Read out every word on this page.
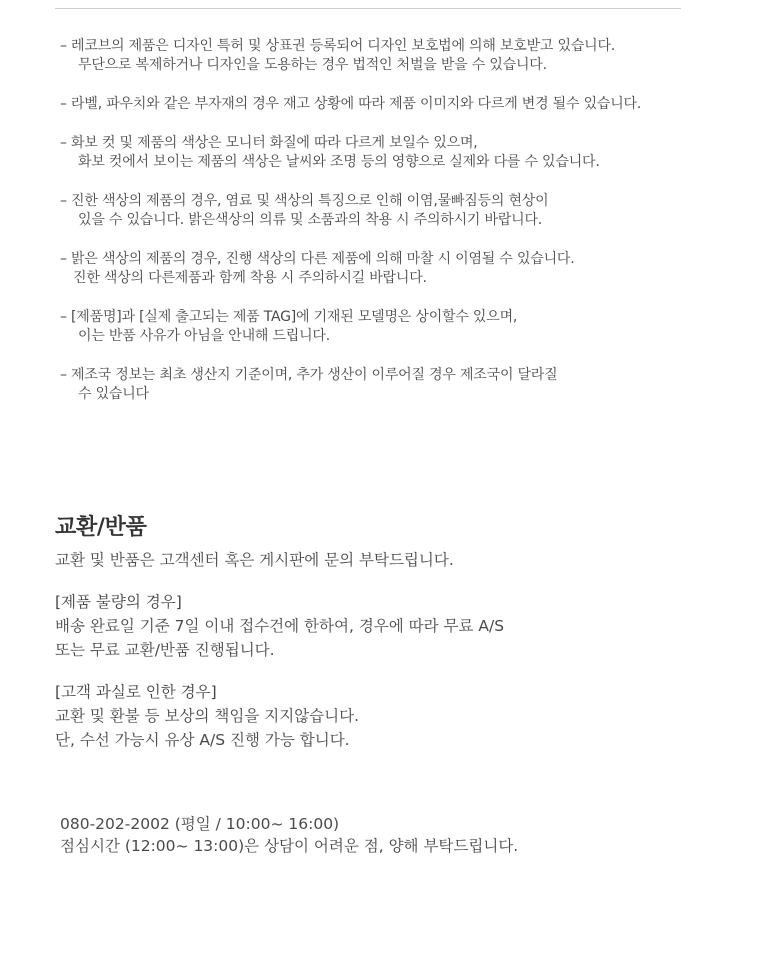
– 레코브의 제품은 디자인 특허 및 상표권 등록되어 디자인 보호법에 의해 보호받고 있습니다.
무단으로 복제하거나 디자인을 도용하는 경우 법적인 처벌을 받을 수 있습니다.
– 라벨, 파우치와 같은 부자재의 경우 재고 상황에 따라 제품 이미지와 다르게 변경 될수 있습니다.
– 화보 컷 및 제품의 색상은 모니터 화질에 따라 다르게 보일수 있으며,
화보 컷에서 보이는 제품의 색상은 날씨와 조명 등의 영향으로 실제와 다를 수 있습니다.
– 진한 색상의 제품의 경우, 염료 및 색상의 특징으로 인해 이염,물빠짐등의 현상이
있을 수 있습니다. 밝은색상의 의류 및 소품과의 착용 시 주의하시기 바랍니다.
– 밝은 색상의 제품의 경우, 진행 색상의 다른 제품에 의해 마찰 시 이염될 수 있습니다.
진한 색상의 다른제품과 함께 착용 시 주의하시길 바랍니다.
– [제품명]과 [실제 출고되는 제품 TAG]에 기재된 모델명은 상이할수 있으며,
이는 반품 사유가 아님을 안내해 드립니다.
– 제조국 정보는 최초 생산지 기준이며, 추가 생산이 이루어질 경우 제조국이 달라질
수 있습니다
교환/반품

교환 및 반품은 고객센터 혹은 게시판에 문의 부탁드립니다.

[제품 불량의 경우]
배송 완료일 기준 7일 이내 접수건에 한하여, 경우에 따라 무료 A/S
또는 무료 교환/반품 진행됩니다.
[고객 과실로 인한 경우]
교환 및 환불 등 보상의 책임을 지지않습니다.
단, 수선 가능시 유상 A/S 진행 가능 합니다.
080-202-2002 (평일 / 10:00~ 16:00)
점심시간 (12:00~ 13:00)은 상담이 어려운 점, 양해 부탁드립니다.
